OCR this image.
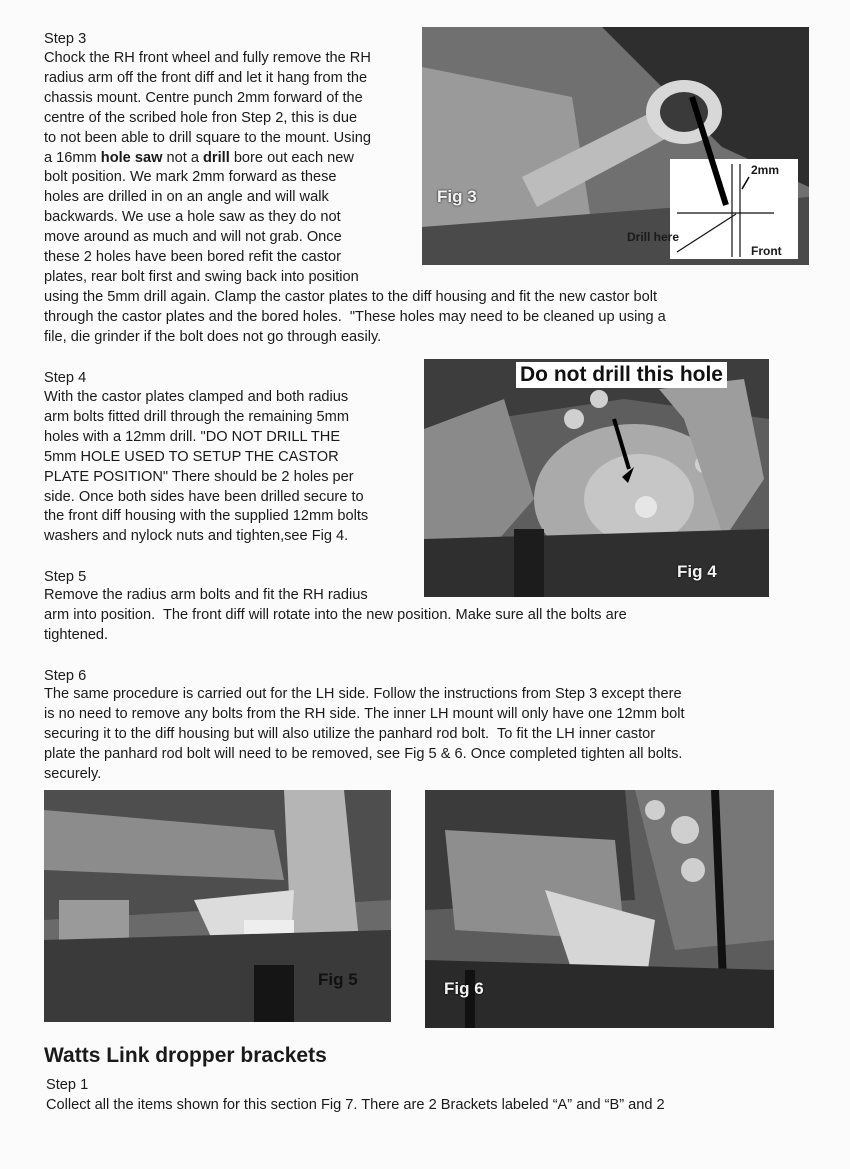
Step 3

Chock the RH front wheel and fully remove the RH
radius arm off the front diff and let it hang from the
chassis mount. Centre punch 2mm forward of the
centre of the scribed hole fron Step 2, this is due
to not been able to drill square to the mount. Using
a 16mm hole saw not a drill bore out each new
bolt position. We mark 2mm forward as these
holes are drilled in on an angle and will walk
backwards. We use a hole saw as they do not
move around as much and will not grab. Once
these 2 holes have been bored refit the castor
plates, rear bolt first and swing back into position

using the 5mm drill again. Clamp the castor plates to the diff housing and fit the new castor bolt
through the castor plates and the bored holes.  "These holes may need to be cleaned up using a
file, die grinder if the bolt does not go through easily.

Fig 3
2mm
Drill here
Front

Step 4

With the castor plates clamped and both radius
arm bolts fitted drill through the remaining 5mm
holes with a 12mm drill. "DO NOT DRILL THE
5mm HOLE USED TO SETUP THE CASTOR
PLATE POSITION" There should be 2 holes per
side. Once both sides have been drilled secure to
the front diff housing with the supplied 12mm bolts
washers and nylock nuts and tighten,see Fig 4.

Do not drill this hole
Fig 4

Step 5

Remove the radius arm bolts and fit the RH radius

arm into position.  The front diff will rotate into the new position. Make sure all the bolts are
tightened.

Step 6

The same procedure is carried out for the LH side. Follow the instructions from Step 3 except there
is no need to remove any bolts from the RH side. The inner LH mount will only have one 12mm bolt
securing it to the diff housing but will also utilize the panhard rod bolt.  To fit the LH inner castor
plate the panhard rod bolt will need to be removed, see Fig 5 & 6. Once completed tighten all bolts.
securely.

Fig 5	Fig 6
Watts Link dropper brackets

Step 1

Collect all the items shown for this section Fig 7. There are 2 Brackets labeled “A” and “B” and 2
